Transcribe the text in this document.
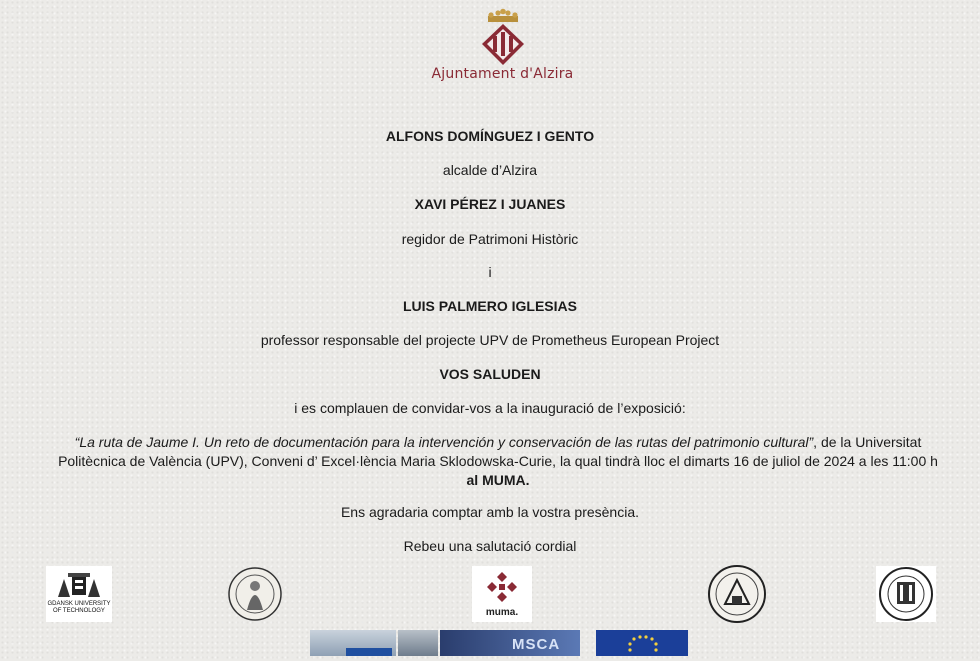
Ajuntament d'Alzira
ALFONS DOMÍNGUEZ I GENTO
alcalde d’Alzira
XAVI PÉREZ I JUANES
regidor de Patrimoni Històric
i
LUIS PALMERO IGLESIAS
professor responsable del projecte UPV de Prometheus European Project
VOS SALUDEN
i es complauen de convidar-vos a la inauguració de l’exposició:
“La ruta de Jaume I. Un reto de documentación para la intervención y conservación de las rutas del patrimonio cultural”, de la Universitat Politècnica de València (UPV), Conveni d’ Excel·lència Maria Sklodowska-Curie, la qual tindrà lloc el dimarts 16 de juliol de 2024 a les 11:00 h al MUMA.
Ens agradaria comptar amb la vostra presència.
Rebeu una salutació cordial
GDANSK UNIVERSITY
OF TECHNOLOGY	muma.
MSCA
